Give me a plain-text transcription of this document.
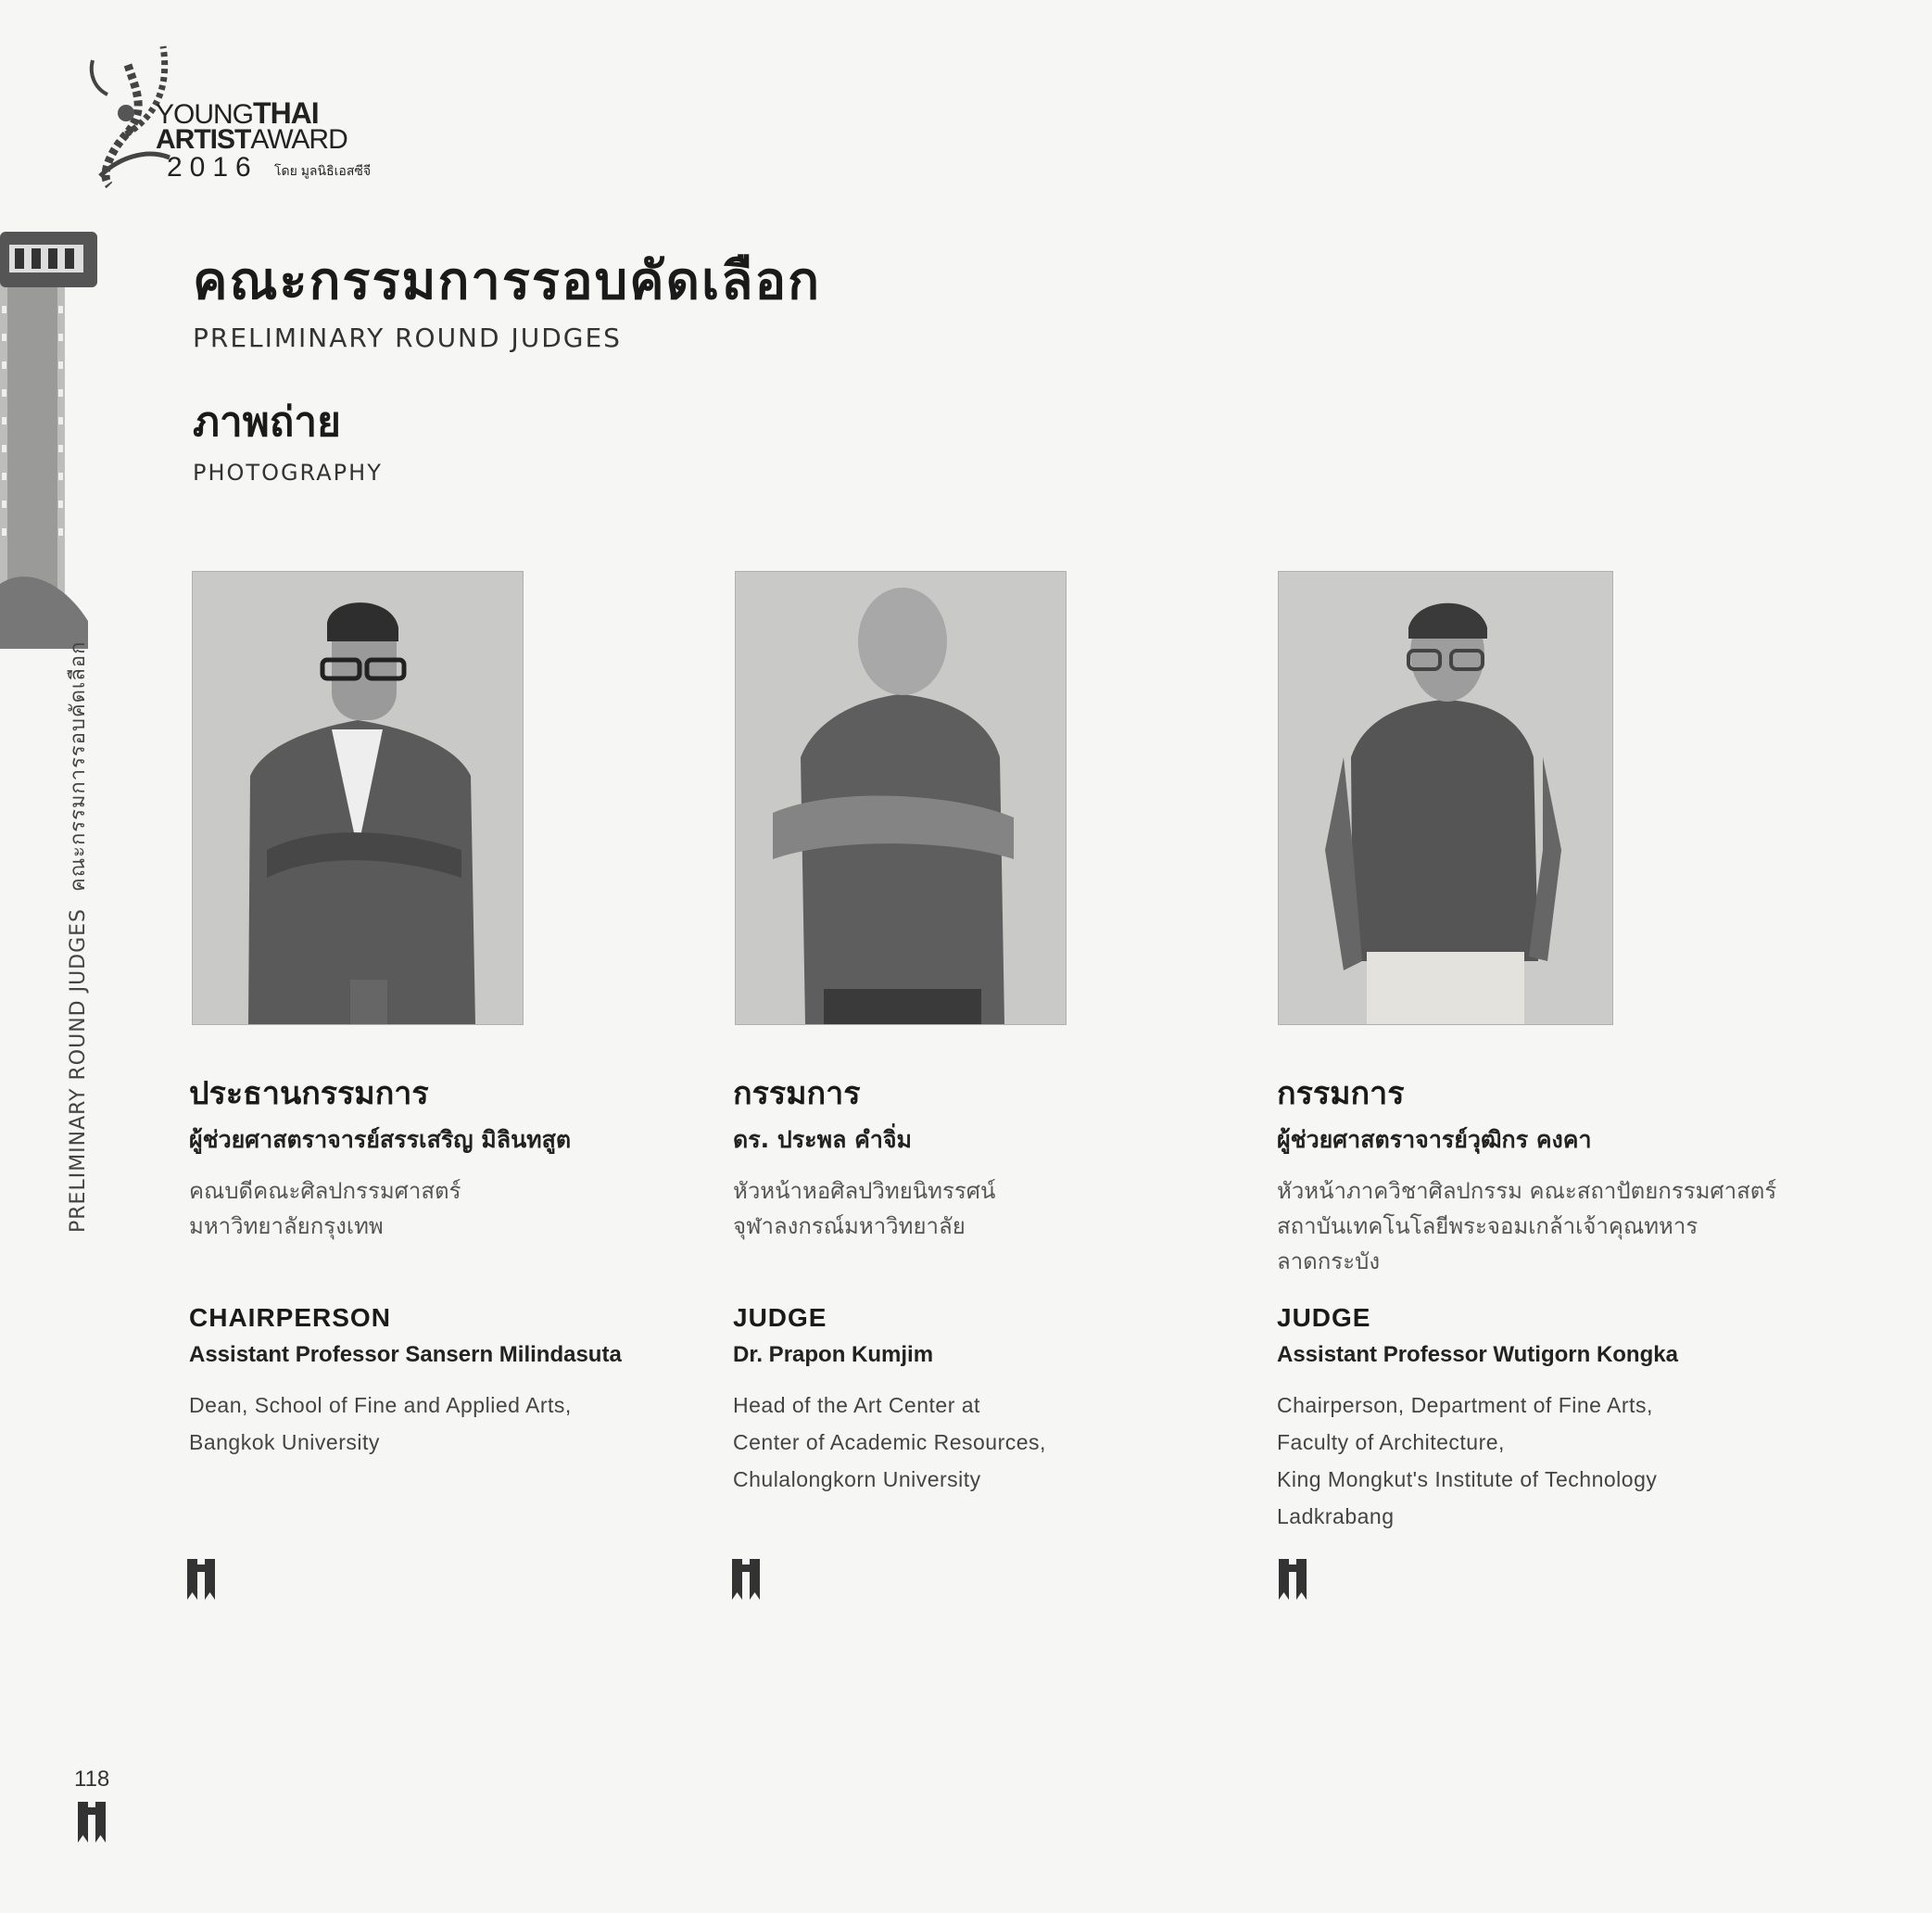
YOUNGTHAI
ARTISTAWARD
2016 โดย มูลนิธิเอสซีจี
PRELIMINARY ROUND JUDGESคณะกรรมการรอบคัดเลือก
คณะกรรมการรอบคัดเลือก
PRELIMINARY ROUND JUDGES
ภาพถ่าย
PHOTOGRAPHY
ประธานกรรมการ
ผู้ช่วยศาสตราจารย์สรรเสริญ มิลินทสูต
คณบดีคณะศิลปกรรมศาสตร์
มหาวิทยาลัยกรุงเทพ
CHAIRPERSON
Assistant Professor Sansern Milindasuta
Dean, School of Fine and Applied Arts,
Bangkok University
กรรมการ
ดร. ประพล คำจิ่ม
หัวหน้าหอศิลปวิทยนิทรรศน์
จุฬาลงกรณ์มหาวิทยาลัย
JUDGE
Dr. Prapon Kumjim
Head of the Art Center at
Center of Academic Resources,
Chulalongkorn University
กรรมการ
ผู้ช่วยศาสตราจารย์วุฒิกร คงคา
หัวหน้าภาควิชาศิลปกรรม คณะสถาปัตยกรรมศาสตร์
สถาบันเทคโนโลยีพระจอมเกล้าเจ้าคุณทหาร
ลาดกระบัง
JUDGE
Assistant Professor Wutigorn Kongka
Chairperson, Department of Fine Arts,
Faculty of Architecture,
King Mongkut's Institute of Technology
Ladkrabang
118
